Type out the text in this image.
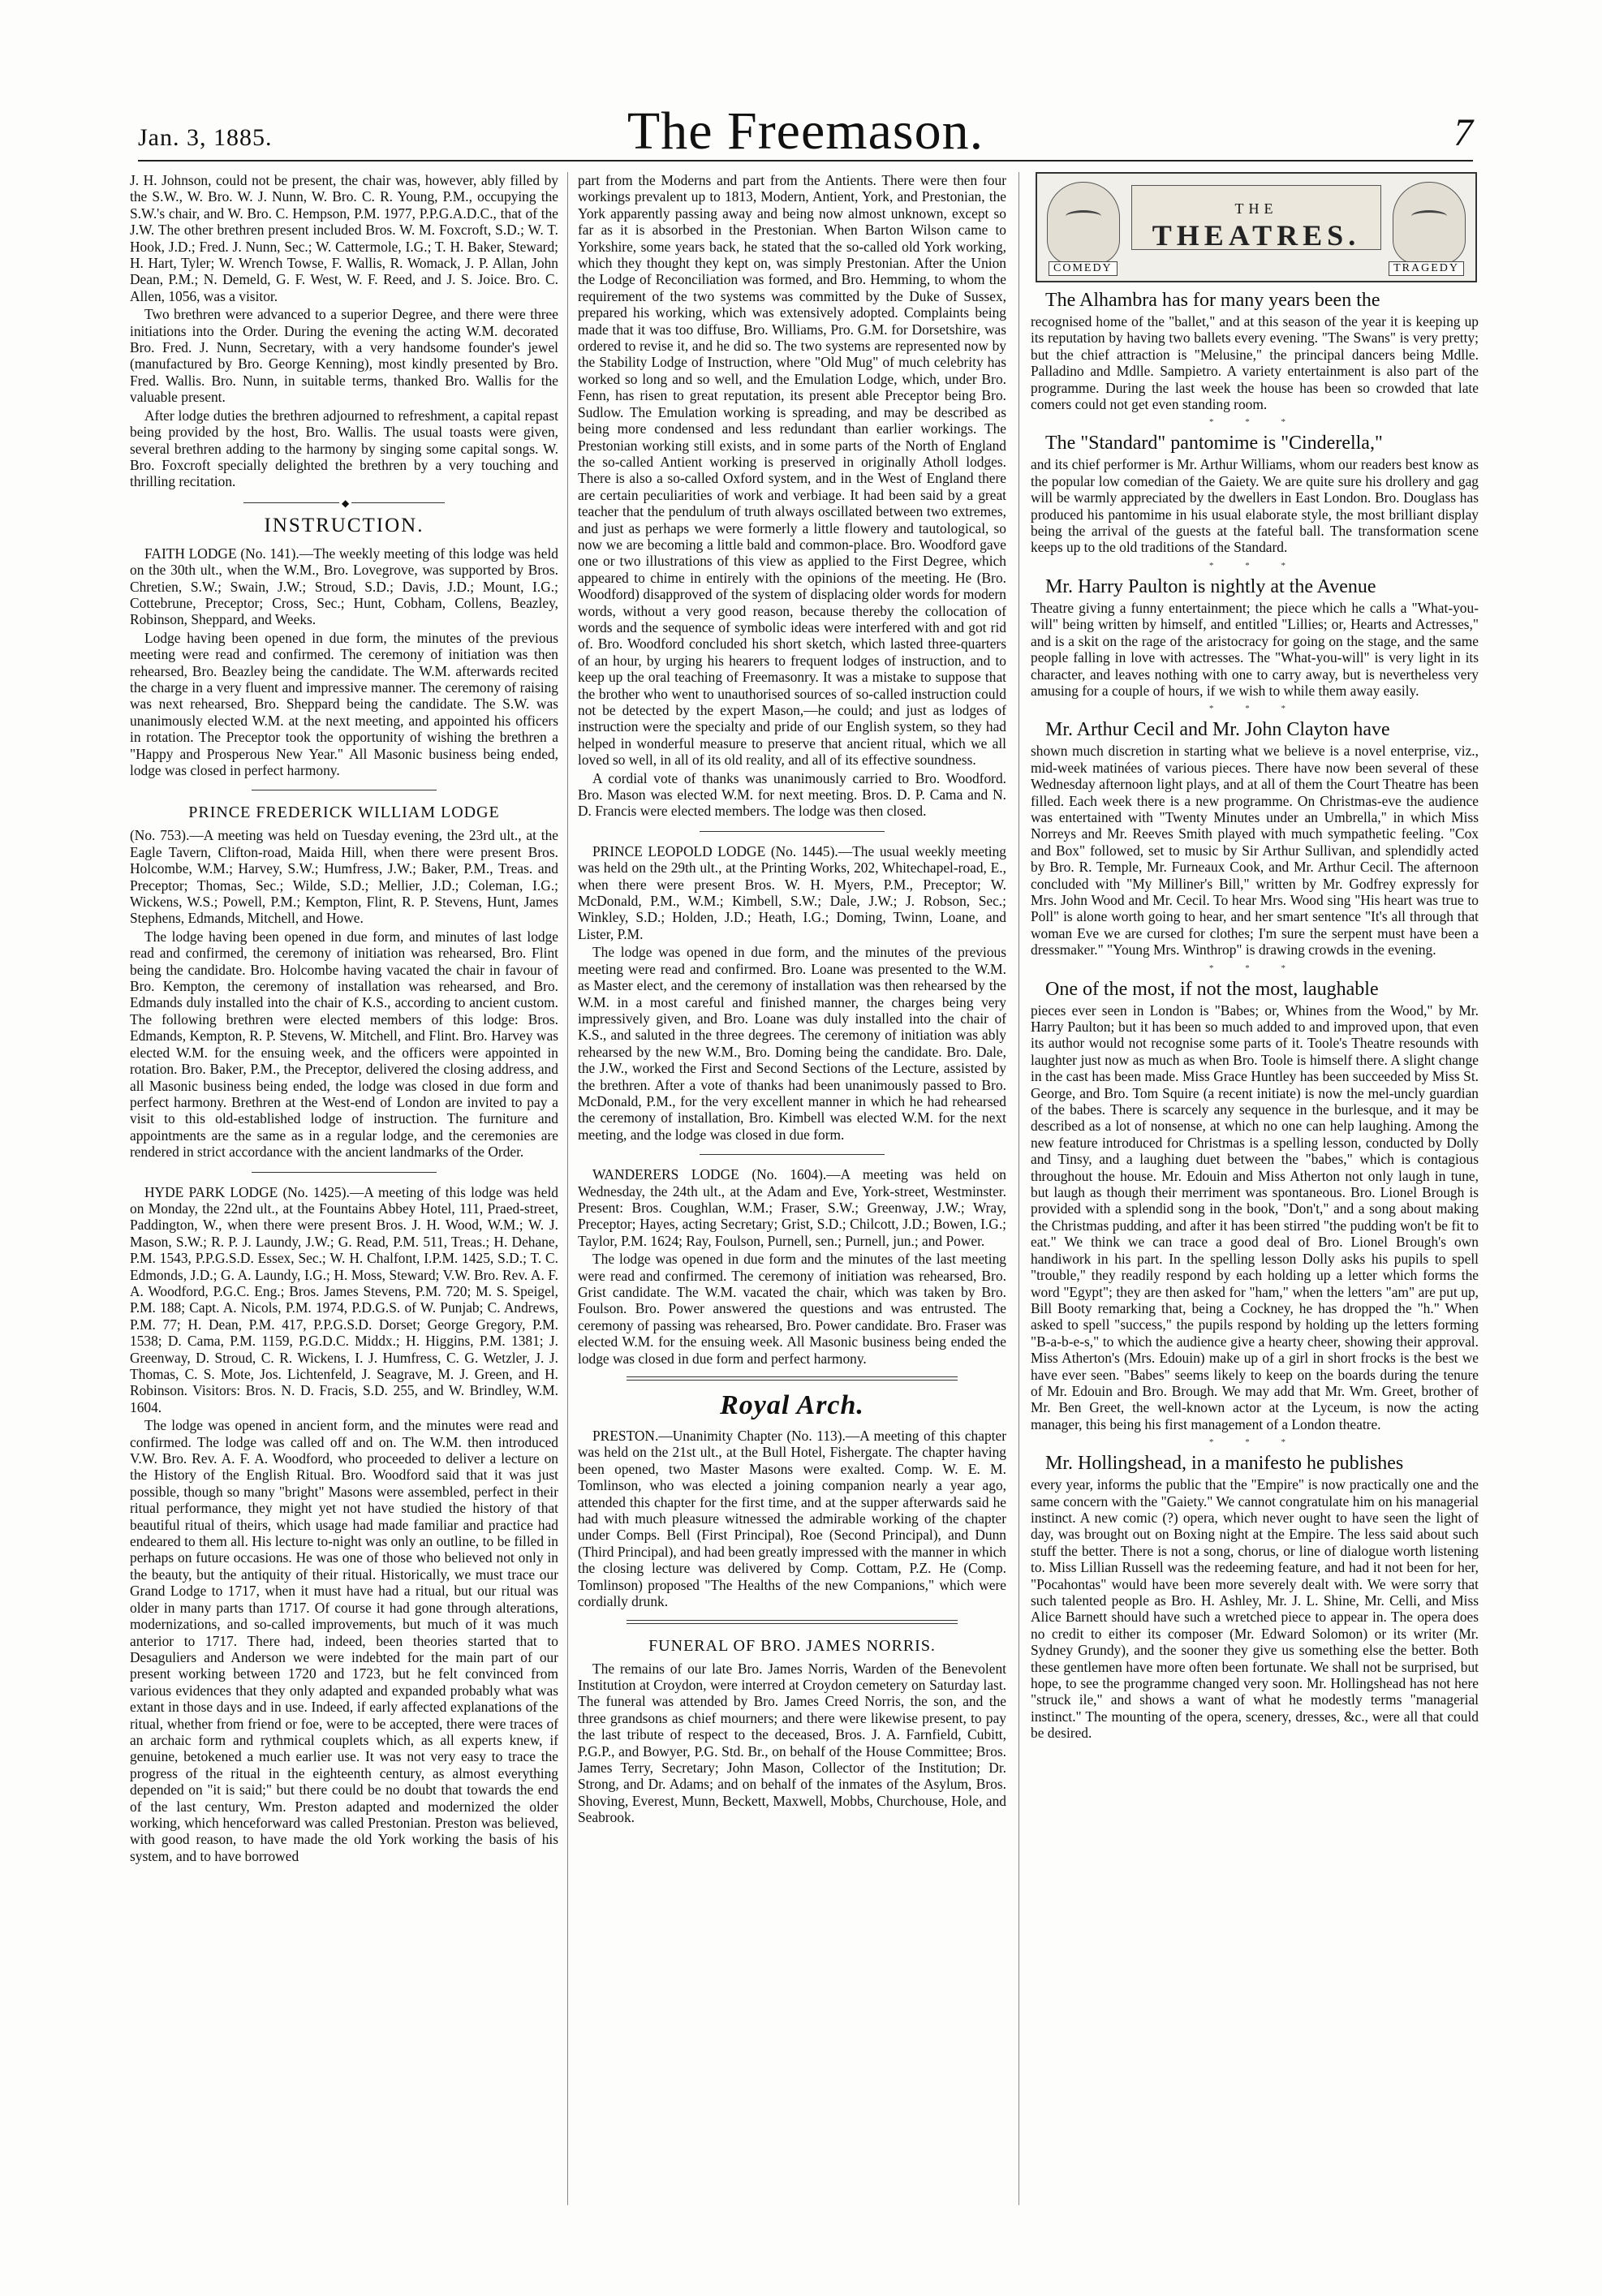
Jan. 3, 1885.	The Freemason.	7

J. H. Johnson, could not be present, the chair was, however, ably filled by the S.W., W. Bro. W. J. Nunn, W. Bro. C. R. Young, P.M., occupying the S.W.'s chair, and W. Bro. C. Hempson, P.M. 1977, P.P.G.A.D.C., that of the J.W. The other brethren present included Bros. W. M. Foxcroft, S.D.; W. T. Hook, J.D.; Fred. J. Nunn, Sec.; W. Cattermole, I.G.; T. H. Baker, Steward; H. Hart, Tyler; W. Wrench Towse, F. Wallis, R. Womack, J. P. Allan, John Dean, P.M.; N. Demeld, G. F. West, W. F. Reed, and J. S. Joice. Bro. C. Allen, 1056, was a visitor.

Two brethren were advanced to a superior Degree, and there were three initiations into the Order. During the evening the acting W.M. decorated Bro. Fred. J. Nunn, Secretary, with a very handsome founder's jewel (manufactured by Bro. George Kenning), most kindly presented by Bro. Fred. Wallis. Bro. Nunn, in suitable terms, thanked Bro. Wallis for the valuable present.

After lodge duties the brethren adjourned to refreshment, a capital repast being provided by the host, Bro. Wallis. The usual toasts were given, several brethren adding to the harmony by singing some capital songs. W. Bro. Foxcroft specially delighted the brethren by a very touching and thrilling recitation.

◆
INSTRUCTION.

FAITH LODGE (No. 141).—The weekly meeting of this lodge was held on the 30th ult., when the W.M., Bro. Lovegrove, was supported by Bros. Chretien, S.W.; Swain, J.W.; Stroud, S.D.; Davis, J.D.; Mount, I.G.; Cottebrune, Preceptor; Cross, Sec.; Hunt, Cobham, Collens, Beazley, Robinson, Sheppard, and Weeks.

Lodge having been opened in due form, the minutes of the previous meeting were read and confirmed. The ceremony of initiation was then rehearsed, Bro. Beazley being the candidate. The W.M. afterwards recited the charge in a very fluent and impressive manner. The ceremony of raising was next rehearsed, Bro. Sheppard being the candidate. The S.W. was unanimously elected W.M. at the next meeting, and appointed his officers in rotation. The Preceptor took the opportunity of wishing the brethren a "Happy and Prosperous New Year." All Masonic business being ended, lodge was closed in perfect harmony.

PRINCE FREDERICK WILLIAM LODGE

(No. 753).—A meeting was held on Tuesday evening, the 23rd ult., at the Eagle Tavern, Clifton-road, Maida Hill, when there were present Bros. Holcombe, W.M.; Harvey, S.W.; Humfress, J.W.; Baker, P.M., Treas. and Preceptor; Thomas, Sec.; Wilde, S.D.; Mellier, J.D.; Coleman, I.G.; Wickens, W.S.; Powell, P.M.; Kempton, Flint, R. P. Stevens, Hunt, James Stephens, Edmands, Mitchell, and Howe.

The lodge having been opened in due form, and minutes of last lodge read and confirmed, the ceremony of initiation was rehearsed, Bro. Flint being the candidate. Bro. Holcombe having vacated the chair in favour of Bro. Kempton, the ceremony of installation was rehearsed, and Bro. Edmands duly installed into the chair of K.S., according to ancient custom. The following brethren were elected members of this lodge: Bros. Edmands, Kempton, R. P. Stevens, W. Mitchell, and Flint. Bro. Harvey was elected W.M. for the ensuing week, and the officers were appointed in rotation. Bro. Baker, P.M., the Preceptor, delivered the closing address, and all Masonic business being ended, the lodge was closed in due form and perfect harmony. Brethren at the West-end of London are invited to pay a visit to this old-established lodge of instruction. The furniture and appointments are the same as in a regular lodge, and the ceremonies are rendered in strict accordance with the ancient landmarks of the Order.

HYDE PARK LODGE (No. 1425).—A meeting of this lodge was held on Monday, the 22nd ult., at the Fountains Abbey Hotel, 111, Praed-street, Paddington, W., when there were present Bros. J. H. Wood, W.M.; W. J. Mason, S.W.; R. P. J. Laundy, J.W.; G. Read, P.M. 511, Treas.; H. Dehane, P.M. 1543, P.P.G.S.D. Essex, Sec.; W. H. Chalfont, I.P.M. 1425, S.D.; T. C. Edmonds, J.D.; G. A. Laundy, I.G.; H. Moss, Steward; V.W. Bro. Rev. A. F. A. Woodford, P.G.C. Eng.; Bros. James Stevens, P.M. 720; M. S. Speigel, P.M. 188; Capt. A. Nicols, P.M. 1974, P.D.G.S. of W. Punjab; C. Andrews, P.M. 77; H. Dean, P.M. 417, P.P.G.S.D. Dorset; George Gregory, P.M. 1538; D. Cama, P.M. 1159, P.G.D.C. Middx.; H. Higgins, P.M. 1381; J. Greenway, D. Stroud, C. R. Wickens, I. J. Humfress, C. G. Wetzler, J. J. Thomas, C. S. Mote, Jos. Lichtenfeld, J. Seagrave, M. J. Green, and H. Robinson. Visitors: Bros. N. D. Fracis, S.D. 255, and W. Brindley, W.M. 1604.

The lodge was opened in ancient form, and the minutes were read and confirmed. The lodge was called off and on. The W.M. then introduced V.W. Bro. Rev. A. F. A. Woodford, who proceeded to deliver a lecture on the History of the English Ritual. Bro. Woodford said that it was just possible, though so many "bright" Masons were assembled, perfect in their ritual performance, they might yet not have studied the history of that beautiful ritual of theirs, which usage had made familiar and practice had endeared to them all. His lecture to-night was only an outline, to be filled in perhaps on future occasions. He was one of those who believed not only in the beauty, but the antiquity of their ritual. Historically, we must trace our Grand Lodge to 1717, when it must have had a ritual, but our ritual was older in many parts than 1717. Of course it had gone through alterations, modernizations, and so-called improvements, but much of it was much anterior to 1717. There had, indeed, been theories started that to Desaguliers and Anderson we were indebted for the main part of our present working between 1720 and 1723, but he felt convinced from various evidences that they only adapted and expanded probably what was extant in those days and in use. Indeed, if early affected explanations of the ritual, whether from friend or foe, were to be accepted, there were traces of an archaic form and rythmical couplets which, as all experts knew, if genuine, betokened a much earlier use. It was not very easy to trace the progress of the ritual in the eighteenth century, as almost everything depended on "it is said;" but there could be no doubt that towards the end of the last century, Wm. Preston adapted and modernized the older working, which henceforward was called Prestonian. Preston was believed, with good reason, to have made the old York working the basis of his system, and to have borrowed

part from the Moderns and part from the Antients. There were then four workings prevalent up to 1813, Modern, Antient, York, and Prestonian, the York apparently passing away and being now almost unknown, except so far as it is absorbed in the Prestonian. When Barton Wilson came to Yorkshire, some years back, he stated that the so-called old York working, which they thought they kept on, was simply Prestonian. After the Union the Lodge of Reconciliation was formed, and Bro. Hemming, to whom the requirement of the two systems was committed by the Duke of Sussex, prepared his working, which was extensively adopted. Complaints being made that it was too diffuse, Bro. Williams, Pro. G.M. for Dorsetshire, was ordered to revise it, and he did so. The two systems are represented now by the Stability Lodge of Instruction, where "Old Mug" of much celebrity has worked so long and so well, and the Emulation Lodge, which, under Bro. Fenn, has risen to great reputation, its present able Preceptor being Bro. Sudlow. The Emulation working is spreading, and may be described as being more condensed and less redundant than earlier workings. The Prestonian working still exists, and in some parts of the North of England the so-called Antient working is preserved in originally Atholl lodges. There is also a so-called Oxford system, and in the West of England there are certain peculiarities of work and verbiage. It had been said by a great teacher that the pendulum of truth always oscillated between two extremes, and just as perhaps we were formerly a little flowery and tautological, so now we are becoming a little bald and common-place. Bro. Woodford gave one or two illustrations of this view as applied to the First Degree, which appeared to chime in entirely with the opinions of the meeting. He (Bro. Woodford) disapproved of the system of displacing older words for modern words, without a very good reason, because thereby the collocation of words and the sequence of symbolic ideas were interfered with and got rid of. Bro. Woodford concluded his short sketch, which lasted three-quarters of an hour, by urging his hearers to frequent lodges of instruction, and to keep up the oral teaching of Freemasonry. It was a mistake to suppose that the brother who went to unauthorised sources of so-called instruction could not be detected by the expert Mason,—he could; and just as lodges of instruction were the specialty and pride of our English system, so they had helped in wonderful measure to preserve that ancient ritual, which we all loved so well, in all of its old reality, and all of its effective soundness.

A cordial vote of thanks was unanimously carried to Bro. Woodford. Bro. Mason was elected W.M. for next meeting. Bros. D. P. Cama and N. D. Francis were elected members. The lodge was then closed.

PRINCE LEOPOLD LODGE (No. 1445).—The usual weekly meeting was held on the 29th ult., at the Printing Works, 202, Whitechapel-road, E., when there were present Bros. W. H. Myers, P.M., Preceptor; W. McDonald, P.M., W.M.; Kimbell, S.W.; Dale, J.W.; J. Robson, Sec.; Winkley, S.D.; Holden, J.D.; Heath, I.G.; Doming, Twinn, Loane, and Lister, P.M.

The lodge was opened in due form, and the minutes of the previous meeting were read and confirmed. Bro. Loane was presented to the W.M. as Master elect, and the ceremony of installation was then rehearsed by the W.M. in a most careful and finished manner, the charges being very impressively given, and Bro. Loane was duly installed into the chair of K.S., and saluted in the three degrees. The ceremony of initiation was ably rehearsed by the new W.M., Bro. Doming being the candidate. Bro. Dale, the J.W., worked the First and Second Sections of the Lecture, assisted by the brethren. After a vote of thanks had been unanimously passed to Bro. McDonald, P.M., for the very excellent manner in which he had rehearsed the ceremony of installation, Bro. Kimbell was elected W.M. for the next meeting, and the lodge was closed in due form.

WANDERERS LODGE (No. 1604).—A meeting was held on Wednesday, the 24th ult., at the Adam and Eve, York-street, Westminster. Present: Bros. Coughlan, W.M.; Fraser, S.W.; Greenway, J.W.; Wray, Preceptor; Hayes, acting Secretary; Grist, S.D.; Chilcott, J.D.; Bowen, I.G.; Taylor, P.M. 1624; Ray, Foulson, Purnell, sen.; Purnell, jun.; and Power.

The lodge was opened in due form and the minutes of the last meeting were read and confirmed. The ceremony of initiation was rehearsed, Bro. Grist candidate. The W.M. vacated the chair, which was taken by Bro. Foulson. Bro. Power answered the questions and was entrusted. The ceremony of passing was rehearsed, Bro. Power candidate. Bro. Fraser was elected W.M. for the ensuing week. All Masonic business being ended the lodge was closed in due form and perfect harmony.

Royal Arch.

PRESTON.—Unanimity Chapter (No. 113).—A meeting of this chapter was held on the 21st ult., at the Bull Hotel, Fishergate. The chapter having been opened, two Master Masons were exalted. Comp. W. E. M. Tomlinson, who was elected a joining companion nearly a year ago, attended this chapter for the first time, and at the supper afterwards said he had with much pleasure witnessed the admirable working of the chapter under Comps. Bell (First Principal), Roe (Second Principal), and Dunn (Third Principal), and had been greatly impressed with the manner in which the closing lecture was delivered by Comp. Cottam, P.Z. He (Comp. Tomlinson) proposed "The Healths of the new Companions," which were cordially drunk.

FUNERAL OF BRO. JAMES NORRIS.

The remains of our late Bro. James Norris, Warden of the Benevolent Institution at Croydon, were interred at Croydon cemetery on Saturday last. The funeral was attended by Bro. James Creed Norris, the son, and the three grandsons as chief mourners; and there were likewise present, to pay the last tribute of respect to the deceased, Bros. J. A. Farnfield, Cubitt, P.G.P., and Bowyer, P.G. Std. Br., on behalf of the House Committee; Bros. James Terry, Secretary; John Mason, Collector of the Institution; Dr. Strong, and Dr. Adams; and on behalf of the inmates of the Asylum, Bros. Shoving, Everest, Munn, Beckett, Maxwell, Mobbs, Churchouse, Hole, and Seabrook.

THE
THEATRES.
COMEDY	TRAGEDY

The Alhambra has for many years been the

recognised home of the "ballet," and at this season of the year it is keeping up its reputation by having two ballets every evening. "The Swans" is very pretty; but the chief attraction is "Melusine," the principal dancers being Mdlle. Palladino and Mdlle. Sampietro. A variety entertainment is also part of the programme. During the last week the house has been so crowded that late comers could not get even standing room.

* * *

The "Standard" pantomime is "Cinderella,"

and its chief performer is Mr. Arthur Williams, whom our readers best know as the popular low comedian of the Gaiety. We are quite sure his drollery and gag will be warmly appreciated by the dwellers in East London. Bro. Douglass has produced his pantomime in his usual elaborate style, the most brilliant display being the arrival of the guests at the fateful ball. The transformation scene keeps up to the old traditions of the Standard.

* * *

Mr. Harry Paulton is nightly at the Avenue

Theatre giving a funny entertainment; the piece which he calls a "What-you-will" being written by himself, and entitled "Lillies; or, Hearts and Actresses," and is a skit on the rage of the aristocracy for going on the stage, and the same people falling in love with actresses. The "What-you-will" is very light in its character, and leaves nothing with one to carry away, but is nevertheless very amusing for a couple of hours, if we wish to while them away easily.

* * *

Mr. Arthur Cecil and Mr. John Clayton have

shown much discretion in starting what we believe is a novel enterprise, viz., mid-week matinées of various pieces. There have now been several of these Wednesday afternoon light plays, and at all of them the Court Theatre has been filled. Each week there is a new programme. On Christmas-eve the audience was entertained with "Twenty Minutes under an Umbrella," in which Miss Norreys and Mr. Reeves Smith played with much sympathetic feeling. "Cox and Box" followed, set to music by Sir Arthur Sullivan, and splendidly acted by Bro. R. Temple, Mr. Furneaux Cook, and Mr. Arthur Cecil. The afternoon concluded with "My Milliner's Bill," written by Mr. Godfrey expressly for Mrs. John Wood and Mr. Cecil. To hear Mrs. Wood sing "His heart was true to Poll" is alone worth going to hear, and her smart sentence "It's all through that woman Eve we are cursed for clothes; I'm sure the serpent must have been a dressmaker." "Young Mrs. Winthrop" is drawing crowds in the evening.

* * *

One of the most, if not the most, laughable

pieces ever seen in London is "Babes; or, Whines from the Wood," by Mr. Harry Paulton; but it has been so much added to and improved upon, that even its author would not recognise some parts of it. Toole's Theatre resounds with laughter just now as much as when Bro. Toole is himself there. A slight change in the cast has been made. Miss Grace Huntley has been succeeded by Miss St. George, and Bro. Tom Squire (a recent initiate) is now the mel-uncly guardian of the babes. There is scarcely any sequence in the burlesque, and it may be described as a lot of nonsense, at which no one can help laughing. Among the new feature introduced for Christmas is a spelling lesson, conducted by Dolly and Tinsy, and a laughing duet between the "babes," which is contagious throughout the house. Mr. Edouin and Miss Atherton not only laugh in tune, but laugh as though their merriment was spontaneous. Bro. Lionel Brough is provided with a splendid song in the book, "Don't," and a song about making the Christmas pudding, and after it has been stirred "the pudding won't be fit to eat." We think we can trace a good deal of Bro. Lionel Brough's own handiwork in his part. In the spelling lesson Dolly asks his pupils to spell "trouble," they readily respond by each holding up a letter which forms the word "Egypt"; they are then asked for "ham," when the letters "am" are put up, Bill Booty remarking that, being a Cockney, he has dropped the "h." When asked to spell "success," the pupils respond by holding up the letters forming "B-a-b-e-s," to which the audience give a hearty cheer, showing their approval. Miss Atherton's (Mrs. Edouin) make up of a girl in short frocks is the best we have ever seen. "Babes" seems likely to keep on the boards during the tenure of Mr. Edouin and Bro. Brough. We may add that Mr. Wm. Greet, brother of Mr. Ben Greet, the well-known actor at the Lyceum, is now the acting manager, this being his first management of a London theatre.

* * *

Mr. Hollingshead, in a manifesto he publishes

every year, informs the public that the "Empire" is now practically one and the same concern with the "Gaiety." We cannot congratulate him on his managerial instinct. A new comic (?) opera, which never ought to have seen the light of day, was brought out on Boxing night at the Empire. The less said about such stuff the better. There is not a song, chorus, or line of dialogue worth listening to. Miss Lillian Russell was the redeeming feature, and had it not been for her, "Pocahontas" would have been more severely dealt with. We were sorry that such talented people as Bro. H. Ashley, Mr. J. L. Shine, Mr. Celli, and Miss Alice Barnett should have such a wretched piece to appear in. The opera does no credit to either its composer (Mr. Edward Solomon) or its writer (Mr. Sydney Grundy), and the sooner they give us something else the better. Both these gentlemen have more often been fortunate. We shall not be surprised, but hope, to see the programme changed very soon. Mr. Hollingshead has not here "struck ile," and shows a want of what he modestly terms "managerial instinct." The mounting of the opera, scenery, dresses, &c., were all that could be desired.
